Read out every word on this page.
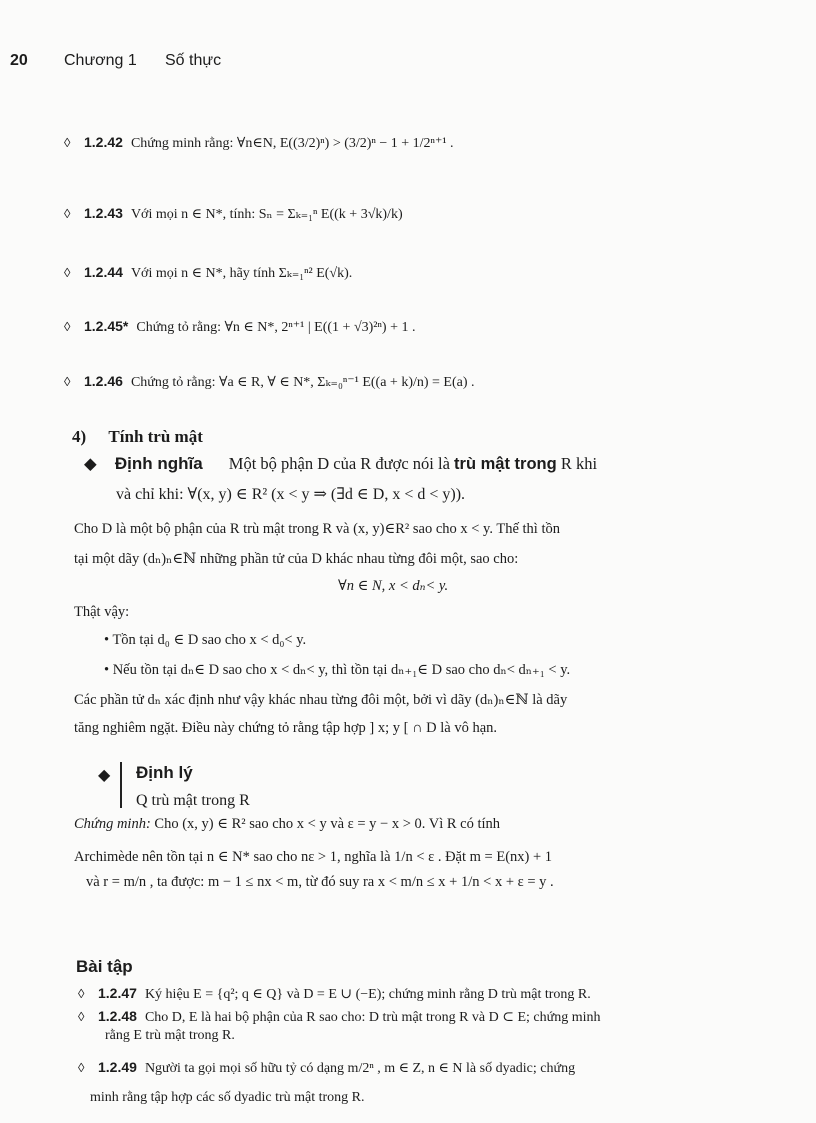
20 Chương 1 Số thực
◊ 1.2.42 Chứng minh rằng: ∀n∈N, E((3/2)ⁿ) > (3/2)ⁿ − 1 + 1/2ⁿ⁺¹ .
◊ 1.2.43 Với mọi n ∈ N*, tính: Sₙ = Σₖ₌₁ⁿ E((k + 3√k)/k)
◊ 1.2.44 Với mọi n ∈ N*, hãy tính Σₖ₌₁ⁿ² E(√k).
◊ 1.2.45* Chứng tỏ rằng: ∀n ∈ N*, 2ⁿ⁺¹ | E((1 + √3)²ⁿ) + 1 .
◊ 1.2.46 Chứng tỏ rằng: ∀a ∈ R, ∀ ∈ N*, Σₖ₌₀ⁿ⁻¹ E((a + k)/n) = E(a) .
4) Tính trù mật
◆ Định nghĩa Một bộ phận D của R được nói là trù mật trong R khi
và chỉ khi: ∀(x, y) ∈ R² (x < y ⇒ (∃d ∈ D, x < d < y)).
Cho D là một bộ phận của R trù mật trong R và (x, y)∈R² sao cho x < y. Thế thì tồn
tại một dãy (dₙ)ₙ∈ℕ những phần tử của D khác nhau từng đôi một, sao cho:
∀n ∈ N, x < dₙ< y.
Thật vậy:
• Tồn tại d₀ ∈ D sao cho x < d₀< y.
• Nếu tồn tại dₙ∈ D sao cho x < dₙ< y, thì tồn tại dₙ₊₁∈ D sao cho dₙ< dₙ₊₁ < y.
Các phần tử dₙ xác định như vậy khác nhau từng đôi một, bởi vì dãy (dₙ)ₙ∈ℕ là dãy
tăng nghiêm ngặt. Điều này chứng tỏ rằng tập hợp ] x; y [ ∩ D là vô hạn.
◆ Định lý
Q trù mật trong R
Chứng minh: Cho (x, y) ∈ R² sao cho x < y và ε = y − x > 0. Vì R có tính
Archimède nên tồn tại n ∈ N* sao cho nε > 1, nghĩa là 1/n < ε . Đặt m = E(nx) + 1
và r = m/n , ta được: m − 1 ≤ nx < m, từ đó suy ra x < m/n ≤ x + 1/n < x + ε = y .
Bài tập
◊ 1.2.47 Ký hiệu E = {q²; q ∈ Q} và D = E ∪ (−E); chứng minh rằng D trù mật trong R.
◊ 1.2.48 Cho D, E là hai bộ phận của R sao cho: D trù mật trong R và D ⊂ E; chứng minh
rằng E trù mật trong R.
◊ 1.2.49 Người ta gọi mọi số hữu tỷ có dạng m/2ⁿ , m ∈ Z, n ∈ N là số dyadic; chứng
minh rằng tập hợp các số dyadic trù mật trong R.
